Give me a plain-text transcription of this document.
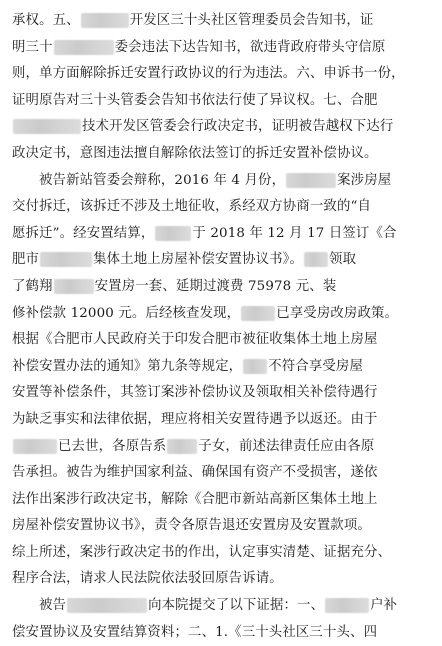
承权。五、	开发区三十头社区管理委员会告知书，证
明三十	委会违法下达告知书，欲违背政府带头守信原
则，单方面解除拆迁安置行政协议的行为违法。六、申诉书一份，
证明原告对三十头管委会告知书依法行使了异议权。七、合肥
技术开发区管委会行政决定书，证明被告越权下达行
政决定书，意图违法擅自解除依法签订的拆迁安置补偿协议。
被告新站管委会辩称，2016 年 4 月份，	案涉房屋
交付拆迁，该拆迁不涉及土地征收，系经双方协商一致的“自
愿拆迁”。经安置结算，	于 2018 年 12 月 17 日签订《合
肥市	集体土地上房屋补偿安置协议书》。 领取
了鹤翔	安置房一套、延期过渡费 75978 元、装
修补偿款 12000 元。后经核查发现，	已享受房改房政策。
根据《合肥市人民政府关于印发合肥市被征收集体土地上房屋
补偿安置办法的通知》第九条等规定， 不符合享受房屋
安置等补偿条件，其签订案涉补偿协议及领取相关补偿待遇行
为缺乏事实和法律依据，理应将相关安置待遇予以返还。由于
已去世，各原告系 子女，前述法律责任应由各原
告承担。被告为维护国家利益、确保国有资产不受损害，遂依
法作出案涉行政决定书，解除《合肥市新站高新区集体土地上
房屋补偿安置协议书》，责令各原告退还安置房及安置款项。
综上所述，案涉行政决定书的作出，认定事实清楚、证据充分、
程序合法，请求人民法院依法驳回原告诉请。
被告	向本院提交了以下证据：一、	户补
偿安置协议及安置结算资料；二、1.《三十头社区三十头、四
